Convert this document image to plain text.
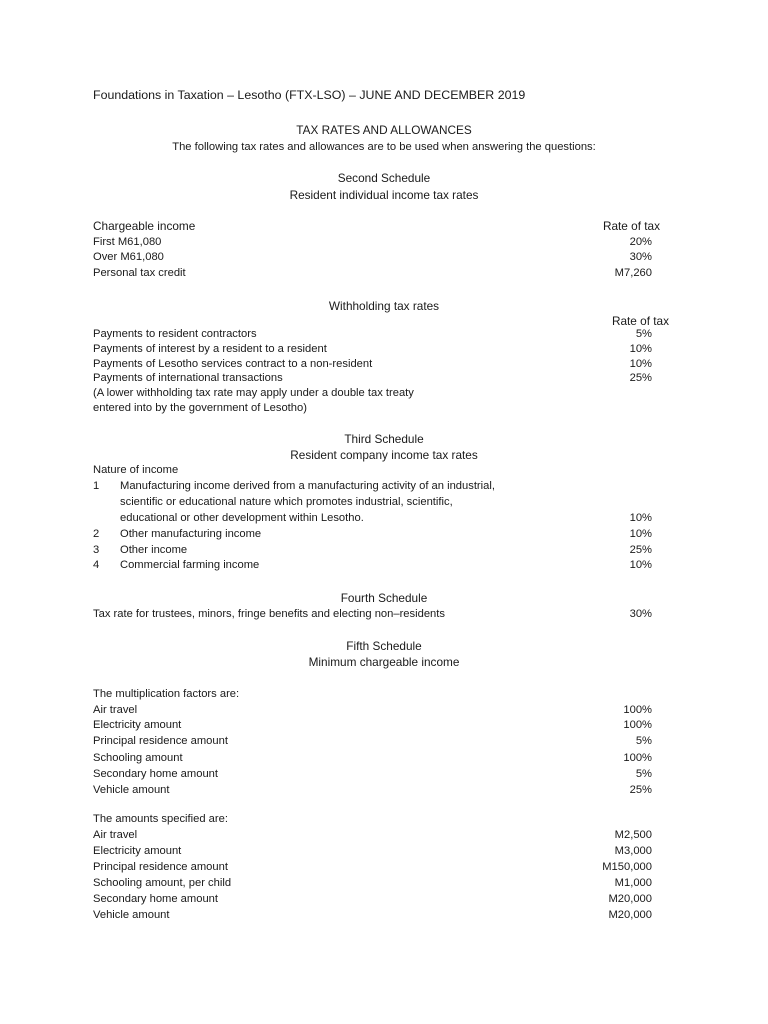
Foundations in Taxation – Lesotho (FTX-LSO) – JUNE AND DECEMBER 2019
TAX RATES AND ALLOWANCES
The following tax rates and allowances are to be used when answering the questions:
Second Schedule
Resident individual income tax rates
Chargeable income	Rate of tax
First M61,080	20%
Over M61,080	30%
Personal tax credit	M7,260
Withholding tax rates
Rate of tax
Payments to resident contractors	5%
Payments of interest by a resident to a resident	10%
Payments of Lesotho services contract to a non-resident	10%
Payments of international transactions	25%
(A lower withholding tax rate may apply under a double tax treaty
entered into by the government of Lesotho)
Third Schedule
Resident company income tax rates
Nature of income
1 Manufacturing income derived from a manufacturing activity of an industrial,
scientific or educational nature which promotes industrial, scientific,
educational or other development within Lesotho.	10%
2 Other manufacturing income	10%
3 Other income	25%
4 Commercial farming income	10%
Fourth Schedule
Tax rate for trustees, minors, fringe benefits and electing non–residents	30%
Fifth Schedule
Minimum chargeable income
The multiplication factors are:
Air travel	100%
Electricity amount	100%
Principal residence amount	5%
Schooling amount	100%
Secondary home amount	5%
Vehicle amount	25%
The amounts specified are:
Air travel	M2,500
Electricity amount	M3,000
Principal residence amount	M150,000
Schooling amount, per child	M1,000
Secondary home amount	M20,000
Vehicle amount	M20,000
